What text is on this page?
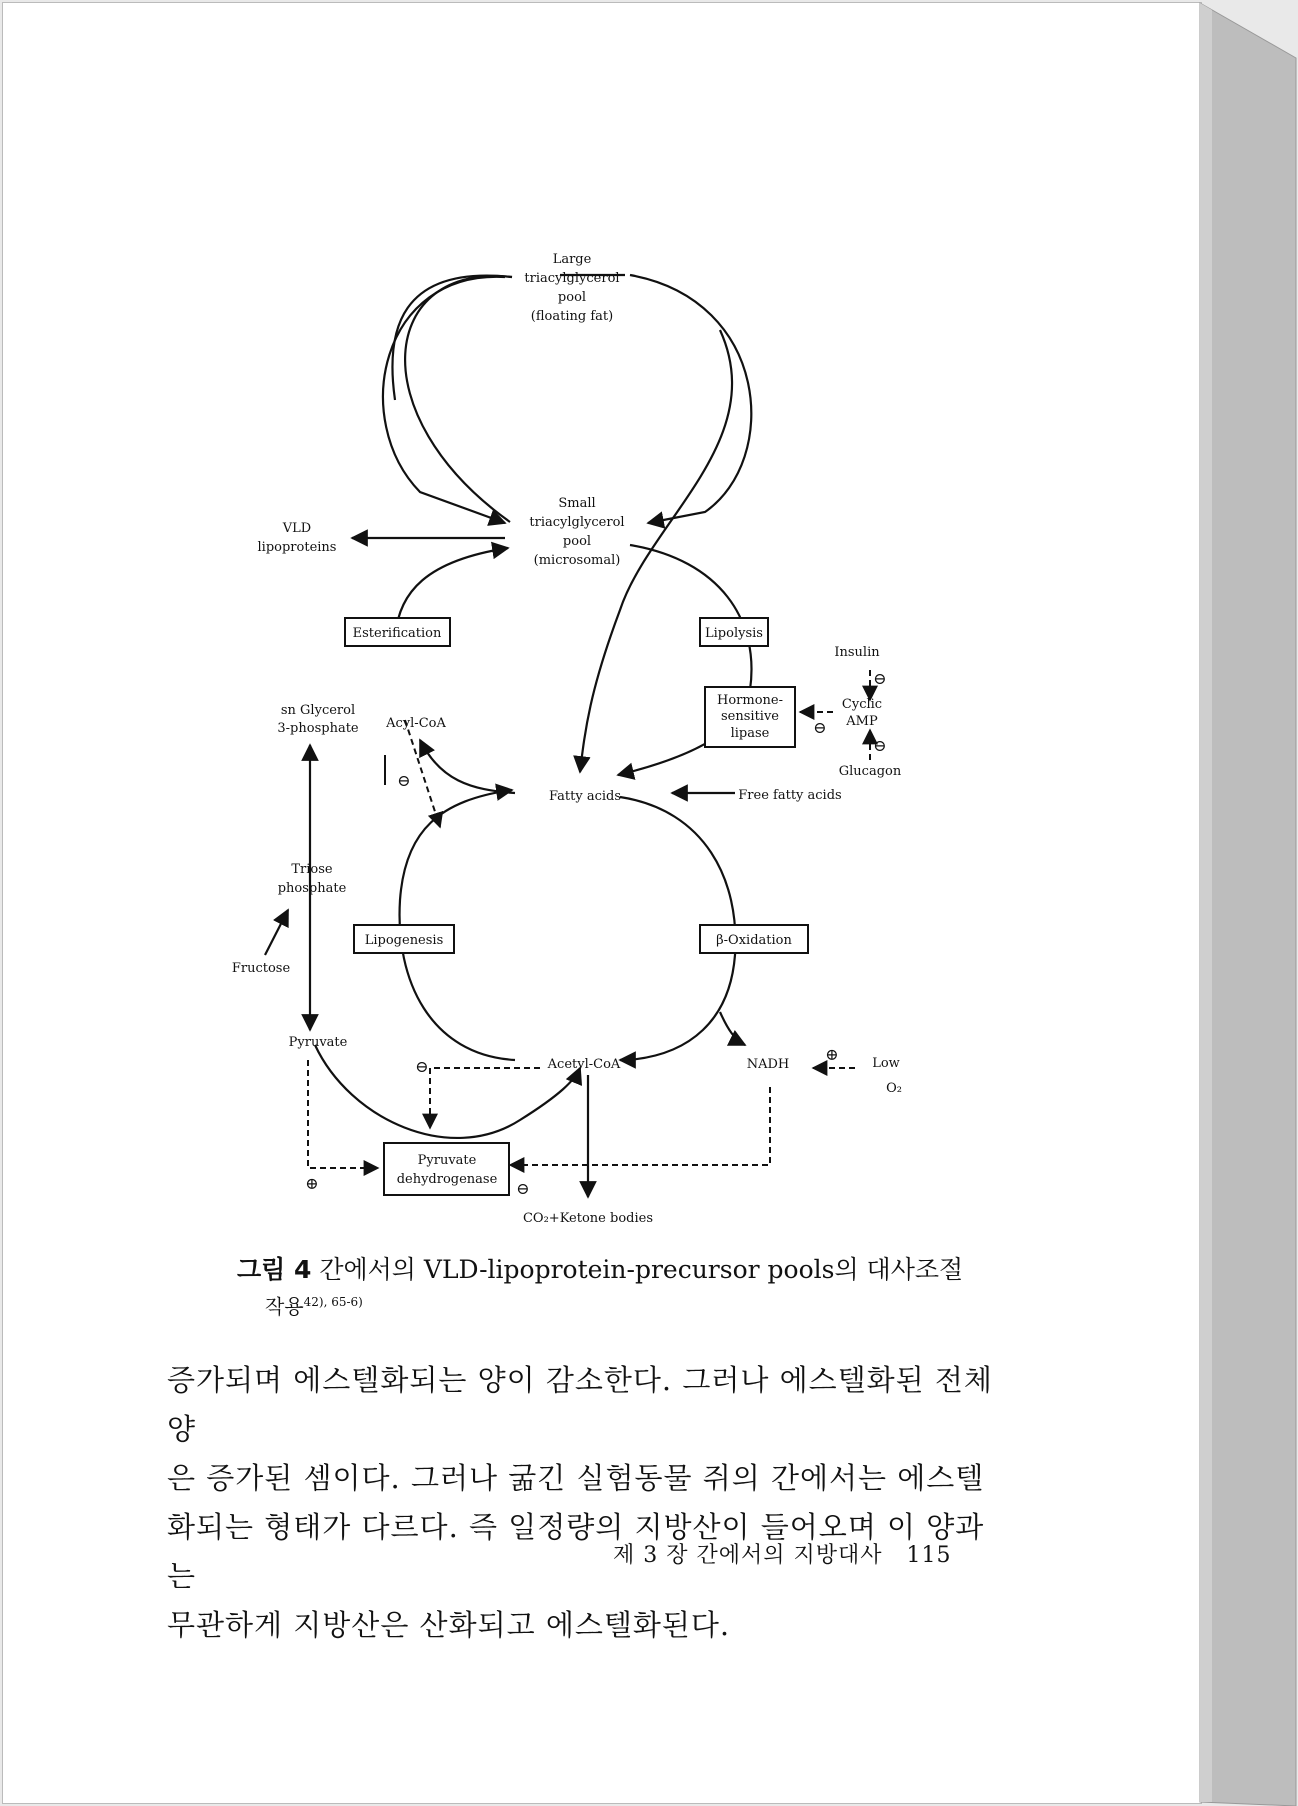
Large
triacylglycerol
pool
(floating fat)
Small
triacylglycerol
pool
(microsomal)
VLD
lipoproteins
Esterification	Lipolysis
Insulin
Hormone-
sensitive
lipase
Cyclic
AMP
Glucagon
sn Glycerol
3-phosphate Acyl-CoA
Fatty acids	Free fatty acids
Triose
phosphate
Fructose
Lipogenesis	β-Oxidation
Pyruvate
Acetyl-CoA	NADH	Low
O₂
Pyruvate
dehydrogenase
CO₂+Ketone bodies
⊖
⊖
⊖
⊖
⊖
⊖
⊕
⊕
그림 4 간에서의 VLD-lipoprotein-precursor pools의 대사조절
작용$^{42), 65-6)}$

증가되며 에스텔화되는 양이 감소한다. 그러나 에스텔화된 전체양

은 증가된 셈이다. 그러나 굶긴 실험동물 쥐의 간에서는 에스텔

화되는 형태가 다르다. 즉 일정량의 지방산이 들어오며 이 양과는

무관하게 지방산은 산화되고 에스텔화된다.

제 3 장 간에서의 지방대사 115
